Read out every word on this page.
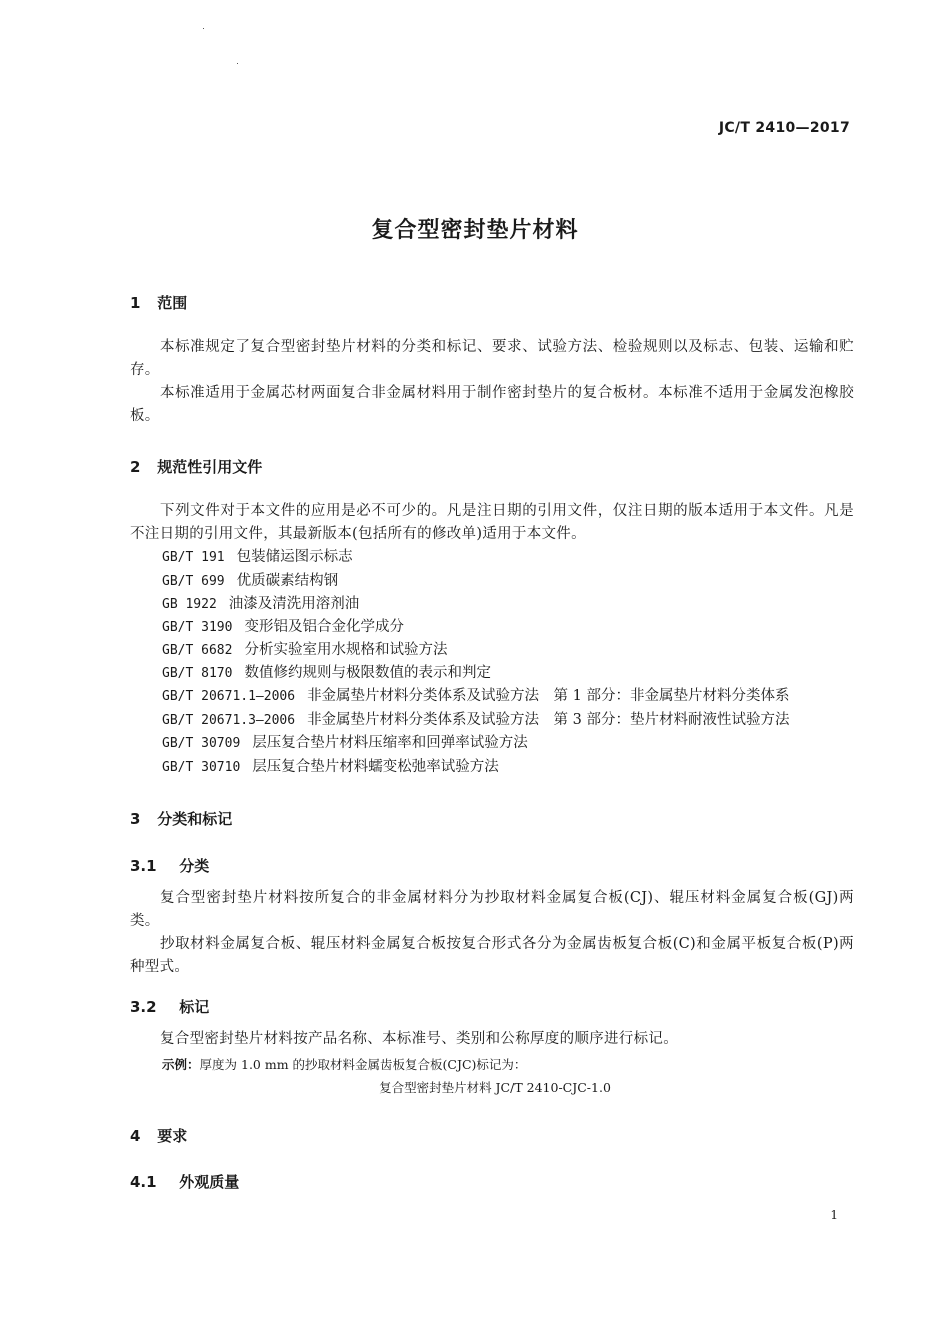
JC/T 2410—2017
复合型密封垫片材料
1 范围
本标准规定了复合型密封垫片材料的分类和标记、要求、试验方法、检验规则以及标志、包装、运输和贮存。
本标准适用于金属芯材两面复合非金属材料用于制作密封垫片的复合板材。本标准不适用于金属发泡橡胶板。
2 规范性引用文件
下列文件对于本文件的应用是必不可少的。凡是注日期的引用文件，仅注日期的版本适用于本文件。凡是不注日期的引用文件，其最新版本(包括所有的修改单)适用于本文件。
GB/T 191 包装储运图示标志
GB/T 699 优质碳素结构钢
GB 1922 油漆及清洗用溶剂油
GB/T 3190 变形铝及铝合金化学成分
GB/T 6682 分析实验室用水规格和试验方法
GB/T 8170 数值修约规则与极限数值的表示和判定
GB/T 20671.1—2006 非金属垫片材料分类体系及试验方法　第 1 部分：非金属垫片材料分类体系
GB/T 20671.3—2006 非金属垫片材料分类体系及试验方法　第 3 部分：垫片材料耐液性试验方法
GB/T 30709 层压复合垫片材料压缩率和回弹率试验方法
GB/T 30710 层压复合垫片材料蠕变松弛率试验方法
3 分类和标记
3.1 分类
复合型密封垫片材料按所复合的非金属材料分为抄取材料金属复合板(CJ)、辊压材料金属复合板(GJ)两类。
抄取材料金属复合板、辊压材料金属复合板按复合形式各分为金属齿板复合板(C)和金属平板复合板(P)两种型式。
3.2 标记
复合型密封垫片材料按产品名称、本标准号、类别和公称厚度的顺序进行标记。
示例：厚度为 1.0 mm 的抄取材料金属齿板复合板(CJC)标记为：
复合型密封垫片材料 JC/T 2410-CJC-1.0
4 要求
4.1 外观质量
1
